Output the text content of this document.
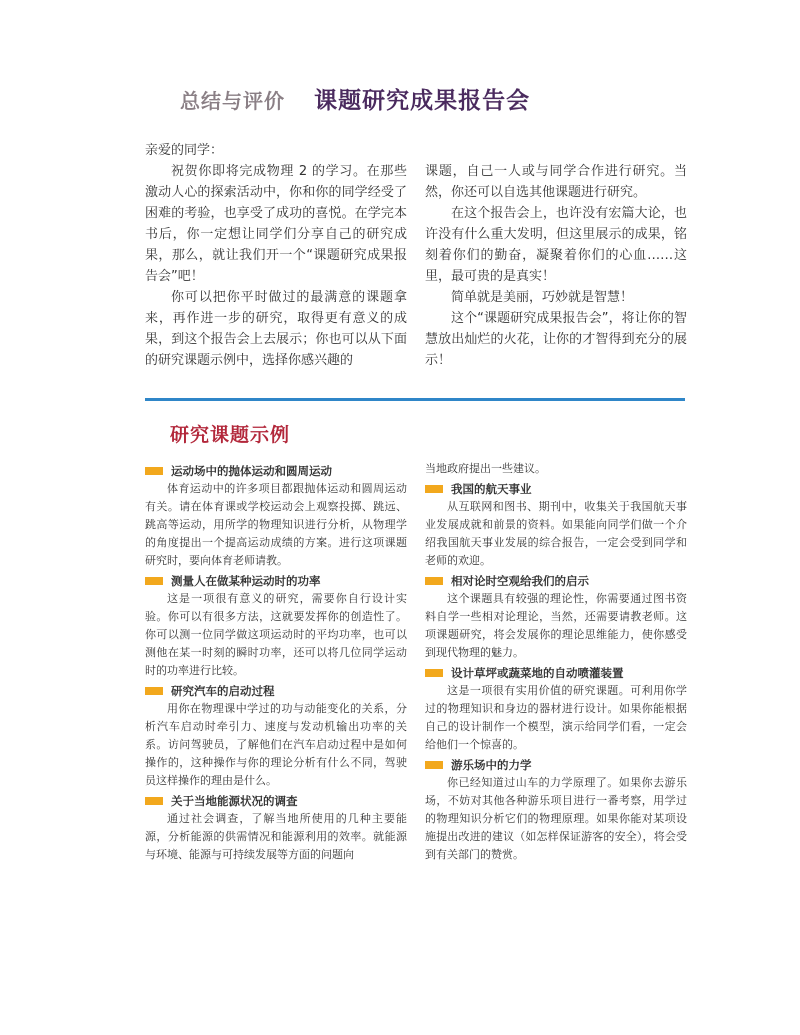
总结与评价 课题研究成果报告会
亲爱的同学：

祝贺你即将完成物理 2 的学习。在那些激动人心的探索活动中，你和你的同学经受了困难的考验，也享受了成功的喜悦。在学完本书后，你一定想让同学们分享自己的研究成果，那么，就让我们开一个“课题研究成果报告会”吧！

你可以把你平时做过的最满意的课题拿来，再作进一步的研究，取得更有意义的成果，到这个报告会上去展示；你也可以从下面的研究课题示例中，选择你感兴趣的

课题，自己一人或与同学合作进行研究。当然，你还可以自选其他课题进行研究。

在这个报告会上，也许没有宏篇大论，也许没有什么重大发明，但这里展示的成果，铭刻着你们的勤奋，凝聚着你们的心血……这里，最可贵的是真实！

简单就是美丽，巧妙就是智慧！

这个“课题研究成果报告会”，将让你的智慧放出灿烂的火花，让你的才智得到充分的展示！

研究课题示例
运动场中的抛体运动和圆周运动

体育运动中的许多项目都跟抛体运动和圆周运动有关。请在体育课或学校运动会上观察投掷、跳远、跳高等运动，用所学的物理知识进行分析，从物理学的角度提出一个提高运动成绩的方案。进行这项课题研究时，要向体育老师请教。

测量人在做某种运动时的功率

这是一项很有意义的研究，需要你自行设计实验。你可以有很多方法，这就要发挥你的创造性了。你可以测一位同学做这项运动时的平均功率，也可以测他在某一时刻的瞬时功率，还可以将几位同学运动时的功率进行比较。

研究汽车的启动过程

用你在物理课中学过的功与动能变化的关系，分析汽车启动时牵引力、速度与发动机输出功率的关系。访问驾驶员，了解他们在汽车启动过程中是如何操作的，这种操作与你的理论分析有什么不同，驾驶员这样操作的理由是什么。

关于当地能源状况的调查

通过社会调查，了解当地所使用的几种主要能源，分析能源的供需情况和能源利用的效率。就能源与环境、能源与可持续发展等方面的问题向

当地政府提出一些建议。

我国的航天事业

从互联网和图书、期刊中，收集关于我国航天事业发展成就和前景的资料。如果能向同学们做一个介绍我国航天事业发展的综合报告，一定会受到同学和老师的欢迎。

相对论时空观给我们的启示

这个课题具有较强的理论性，你需要通过图书资料自学一些相对论理论，当然，还需要请教老师。这项课题研究，将会发展你的理论思维能力，使你感受到现代物理的魅力。

设计草坪或蔬菜地的自动喷灌装置

这是一项很有实用价值的研究课题。可利用你学过的物理知识和身边的器材进行设计。如果你能根据自己的设计制作一个模型，演示给同学们看，一定会给他们一个惊喜的。

游乐场中的力学

你已经知道过山车的力学原理了。如果你去游乐场，不妨对其他各种游乐项目进行一番考察，用学过的物理知识分析它们的物理原理。如果你能对某项设施提出改进的建议（如怎样保证游客的安全），将会受到有关部门的赞赏。
